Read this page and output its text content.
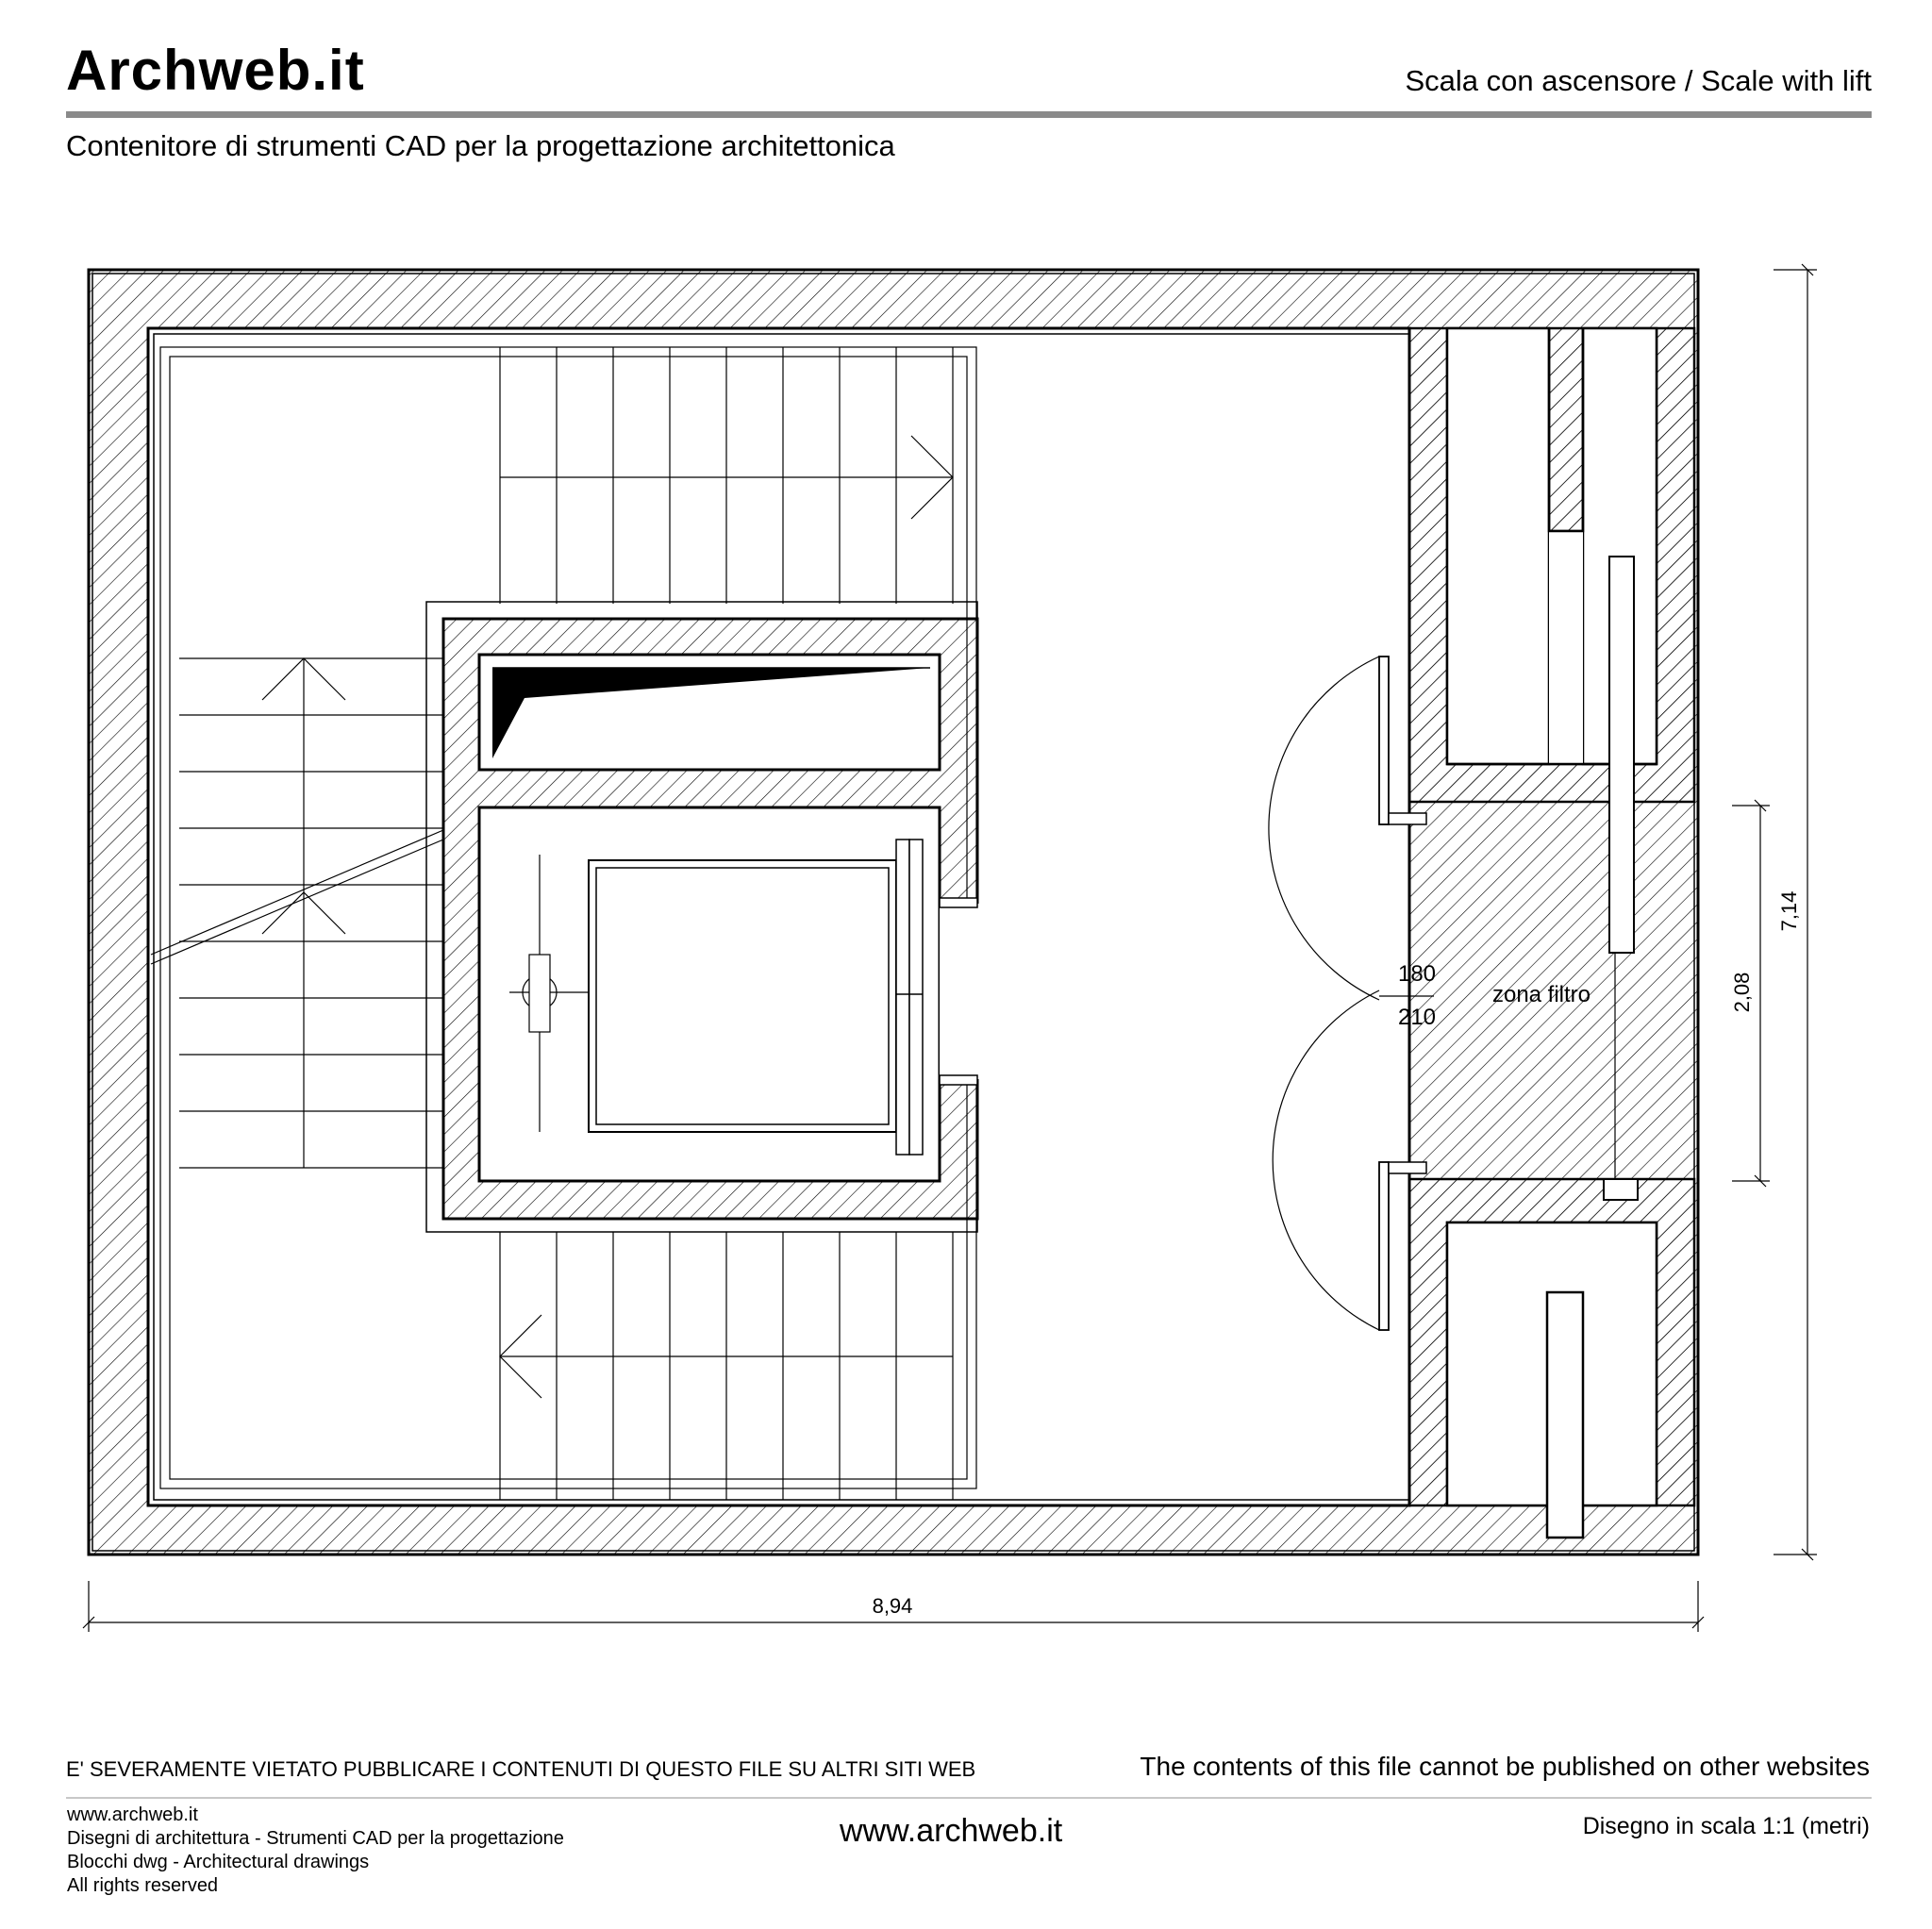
Archweb.it	Scala con ascensore / Scale with lift
Contenitore di strumenti CAD per la progettazione architettonica
8,94
7,14
2,08
180
210
zona filtro
E' SEVERAMENTE VIETATO PUBBLICARE I CONTENUTI DI QUESTO FILE SU ALTRI SITI WEB	The contents of this file cannot be published on other websites
www.archweb.it
Disegni di architettura - Strumenti CAD per la progettazione
Blocchi dwg - Architectural drawings
All rights reserved
www.archweb.it	Disegno in scala 1:1 (metri)
